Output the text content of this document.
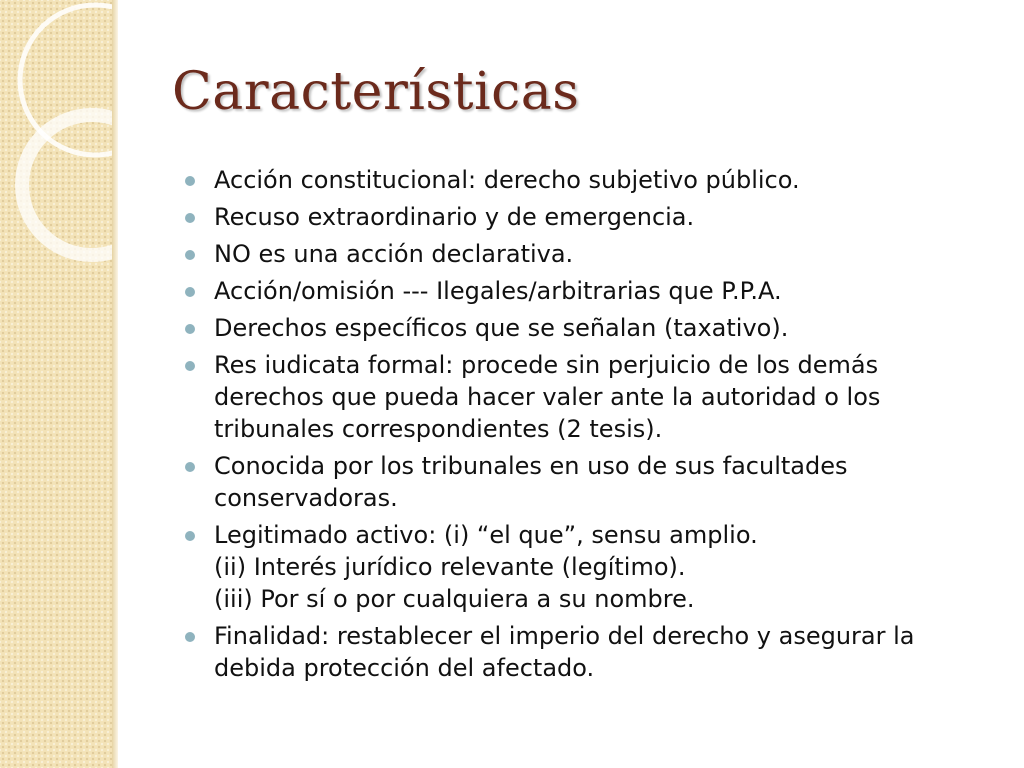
Características
Acción constitucional: derecho subjetivo público.
Recuso extraordinario y de emergencia.
NO es una acción declarativa.
Acción/omisión --- Ilegales/arbitrarias que P.P.A.
Derechos específicos que se señalan (taxativo).
Res iudicata formal: procede sin perjuicio de los demás
derechos que pueda hacer valer ante la autoridad o los
tribunales correspondientes (2 tesis).
Conocida por los tribunales en uso de sus facultades
conservadoras.
Legitimado activo: (i) “el que”, sensu amplio.
(ii) Interés jurídico relevante (legítimo).
(iii) Por sí o por cualquiera a su nombre.
Finalidad: restablecer el imperio del derecho y asegurar la
debida protección del afectado.
